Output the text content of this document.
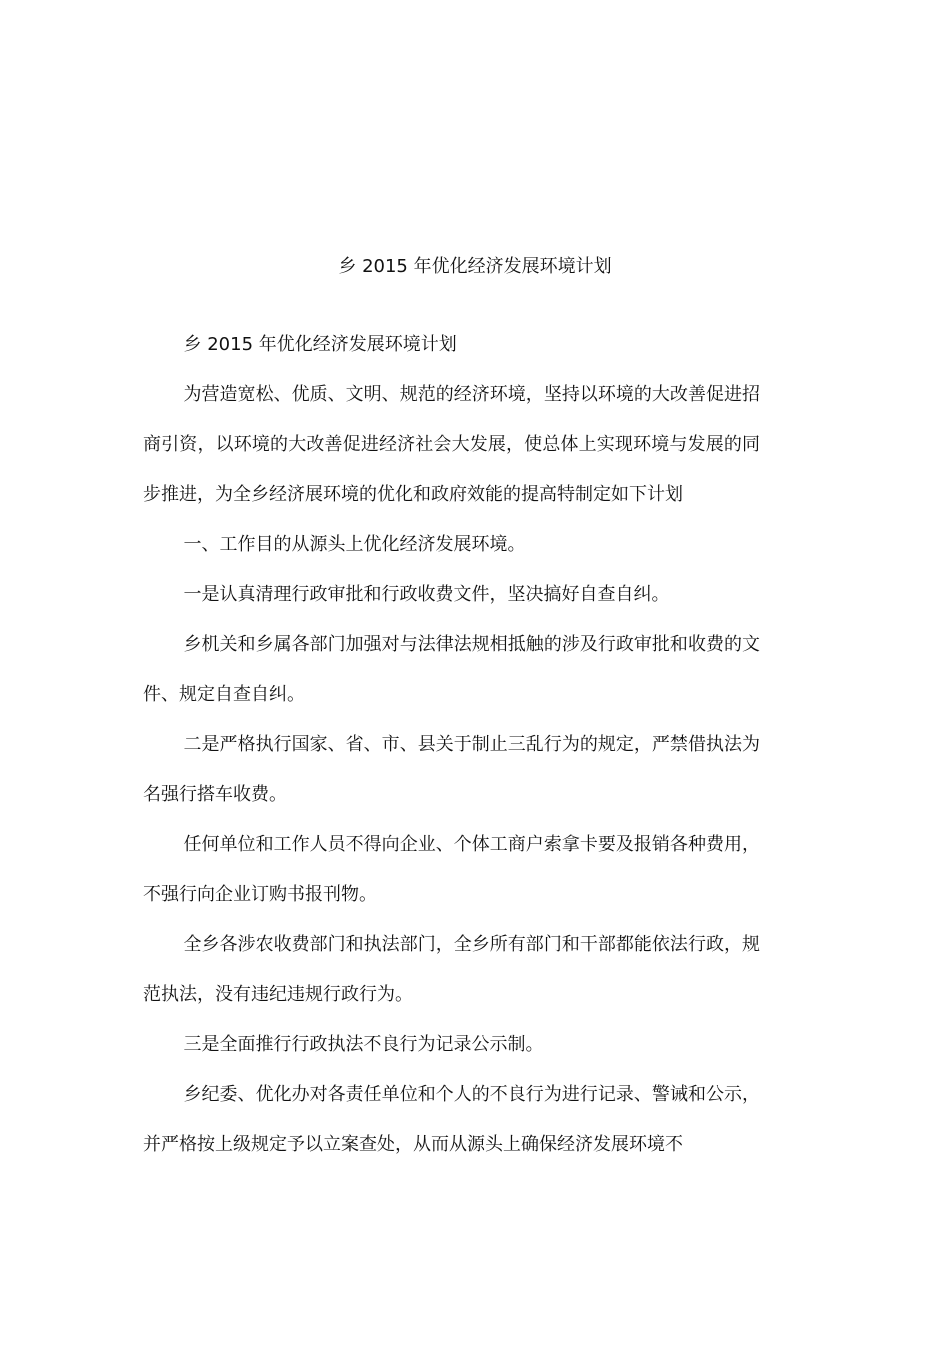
乡 2015 年优化经济发展环境计划

乡 2015 年优化经济发展环境计划

为营造宽松、优质、文明、规范的经济环境，坚持以环境的大改善促进招商引资，以环境的大改善促进经济社会大发展，使总体上实现环境与发展的同步推进，为全乡经济展环境的优化和政府效能的提高特制定如下计划

一、工作目的从源头上优化经济发展环境。

一是认真清理行政审批和行政收费文件，坚决搞好自查自纠。

乡机关和乡属各部门加强对与法律法规相抵触的涉及行政审批和收费的文件、规定自查自纠。

二是严格执行国家、省、市、县关于制止三乱行为的规定，严禁借执法为名强行搭车收费。

任何单位和工作人员不得向企业、个体工商户索拿卡要及报销各种费用，不强行向企业订购书报刊物。

全乡各涉农收费部门和执法部门，全乡所有部门和干部都能依法行政，规范执法，没有违纪违规行政行为。

三是全面推行行政执法不良行为记录公示制。

乡纪委、优化办对各责任单位和个人的不良行为进行记录、警诫和公示，并严格按上级规定予以立案查处，从而从源头上确保经济发展环境不
